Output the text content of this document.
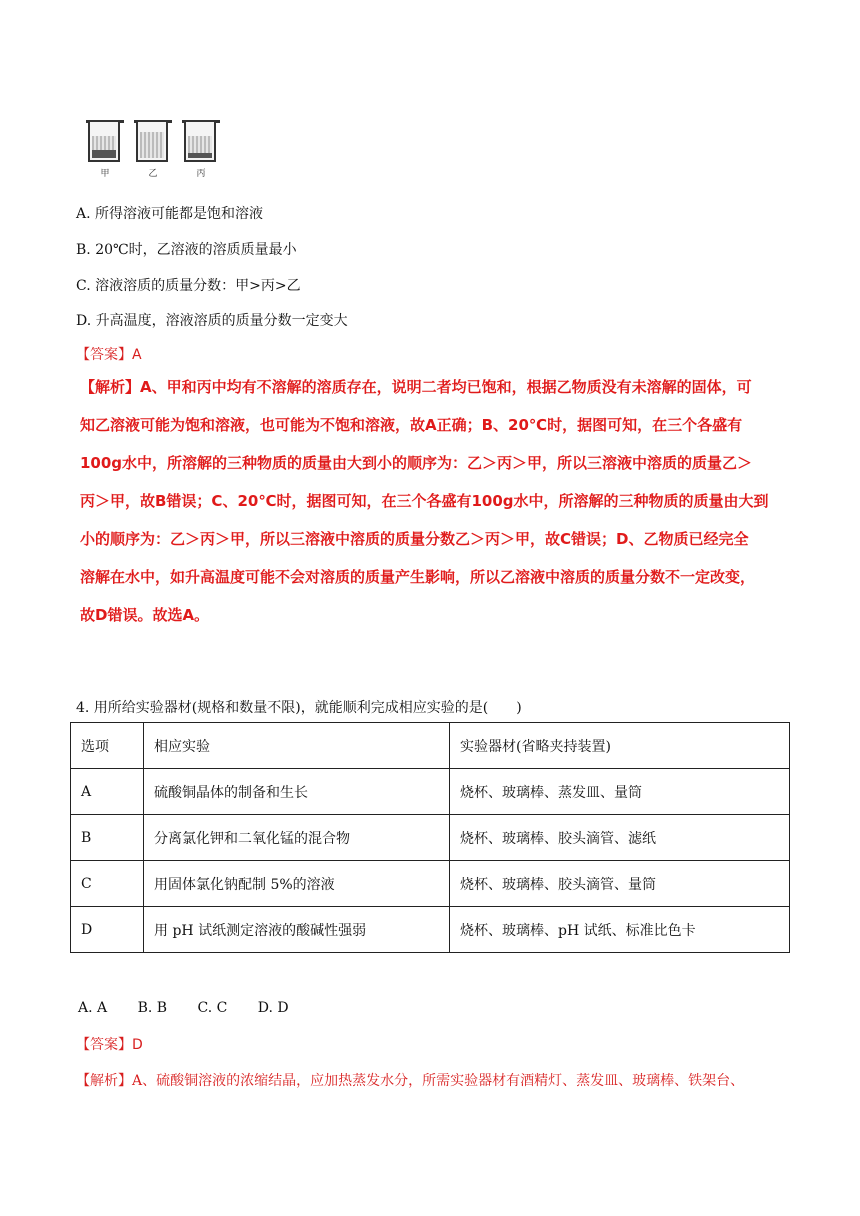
甲	乙	丙
A. 所得溶液可能都是饱和溶液
B. 20℃时，乙溶液的溶质质量最小
C. 溶液溶质的质量分数：甲>丙>乙
D. 升高温度，溶液溶质的质量分数一定变大
【答案】A
【解析】A、甲和丙中均有不溶解的溶质存在，说明二者均已饱和，根据乙物质没有未溶解的固体，可
知乙溶液可能为饱和溶液，也可能为不饱和溶液，故A正确；B、20℃时，据图可知，在三个各盛有
100g水中，所溶解的三种物质的质量由大到小的顺序为：乙＞丙＞甲，所以三溶液中溶质的质量乙＞
丙＞甲，故B错误；C、20℃时，据图可知，在三个各盛有100g水中，所溶解的三种物质的质量由大到
小的顺序为：乙＞丙＞甲，所以三溶液中溶质的质量分数乙＞丙＞甲，故C错误；D、乙物质已经完全
溶解在水中，如升高温度可能不会对溶质的质量产生影响，所以乙溶液中溶质的质量分数不一定改变，
故D错误。故选A。
4. 用所给实验器材(规格和数量不限)，就能顺利完成相应实验的是(　　)
选项	相应实验	实验器材(省略夹持装置)
A	硫酸铜晶体的制备和生长	烧杯、玻璃棒、蒸发皿、量筒
B	分离氯化钾和二氧化锰的混合物	烧杯、玻璃棒、胶头滴管、滤纸
C	用固体氯化钠配制 5%的溶液	烧杯、玻璃棒、胶头滴管、量筒
D	用 pH 试纸测定溶液的酸碱性强弱	烧杯、玻璃棒、pH 试纸、标准比色卡
A. A B. B C. C D. D
【答案】D
【解析】A、硫酸铜溶液的浓缩结晶，应加热蒸发水分，所需实验器材有酒精灯、蒸发皿、玻璃棒、铁架台、
